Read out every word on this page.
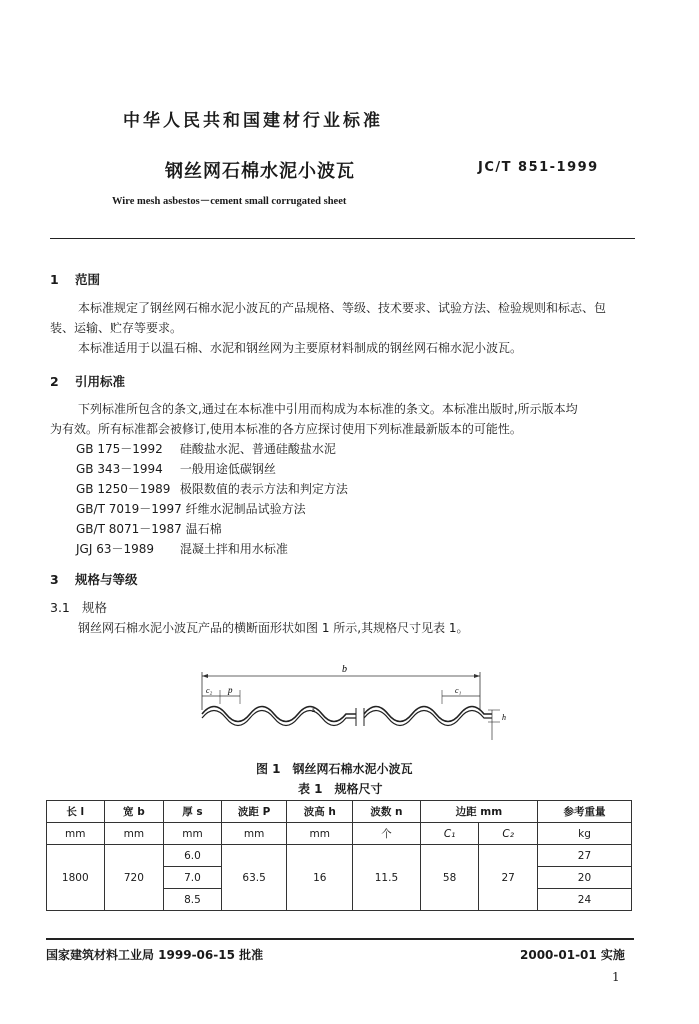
中华人民共和国建材行业标准
钢丝网石棉水泥小波瓦	JC/T 851-1999
Wire mesh asbestos－cement small corrugated sheet
1 范围
本标准规定了钢丝网石棉水泥小波瓦的产品规格、等级、技术要求、试验方法、检验规则和标志、包
装、运输、贮存等要求。
本标准适用于以温石棉、水泥和钢丝网为主要原材料制成的钢丝网石棉水泥小波瓦。
2 引用标准
下列标准所包含的条文,通过在本标准中引用而构成为本标准的条文。本标准出版时,所示版本均
为有效。所有标准都会被修订,使用本标准的各方应探讨使用下列标准最新版本的可能性。
GB 175－1992 硅酸盐水泥、普通硅酸盐水泥
GB 343－1994 一般用途低碳钢丝
GB 1250－1989 极限数值的表示方法和判定方法
GB/T 7019－1997 纤维水泥制品试验方法
GB/T 8071－1987 温石棉
JGJ 63－1989 混凝土拌和用水标准
3 规格与等级
3.1 规格
钢丝网石棉水泥小波瓦产品的横断面形状如图 1 所示,其规格尺寸见表 1。
b
c₂ p	c₁
s
h
图 1　钢丝网石棉水泥小波瓦
表 1　规格尺寸
长 l	宽 b	厚 s	波距 P	波高 h	波数 n	边距 mm		参考重量
mm	mm	mm	mm	mm	个	C₁	C₂	kg
1800	720	6.0	63.5	16	11.5	58	27	27
		7.0						20
		8.5						24
国家建筑材料工业局 1999-06-15 批准	2000-01-01 实施
1
